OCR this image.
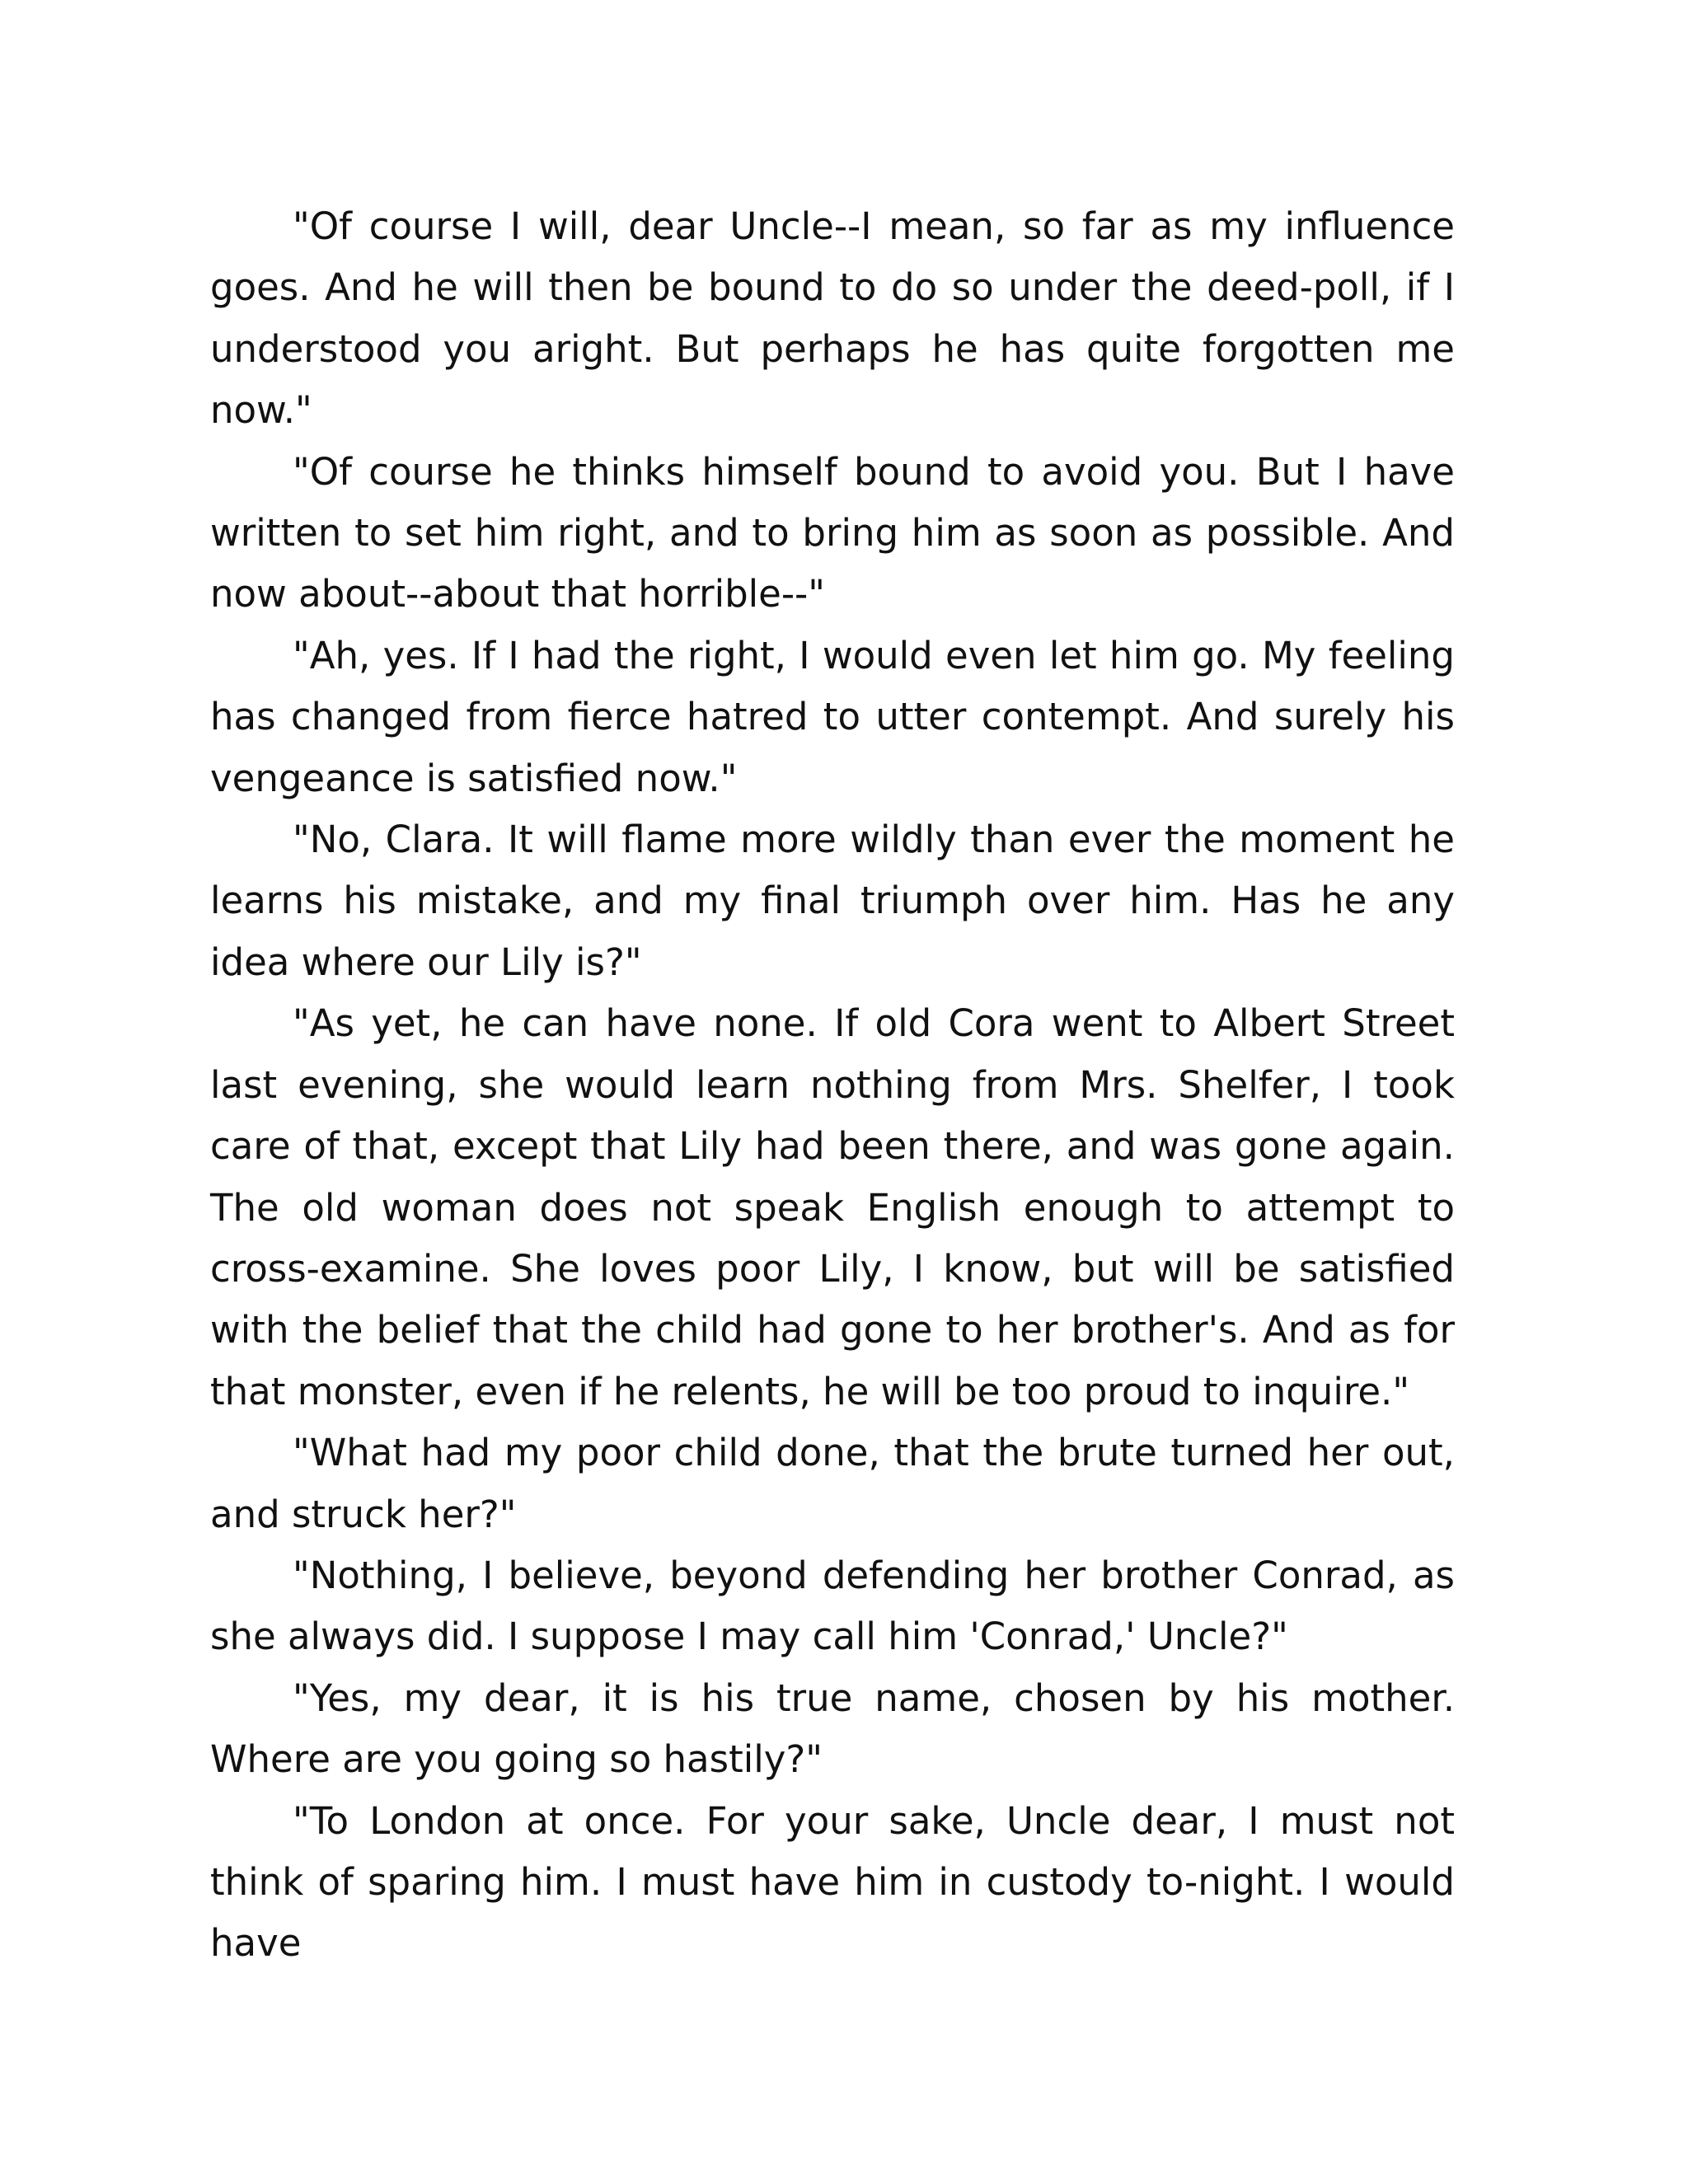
"Of course I will, dear Uncle--I mean, so far as my influence goes. And he will then be bound to do so under the deed-poll, if I understood you aright. But perhaps he has quite forgotten me now."

"Of course he thinks himself bound to avoid you. But I have written to set him right, and to bring him as soon as possible. And now about--about that horrible--"

"Ah, yes. If I had the right, I would even let him go. My feeling has changed from fierce hatred to utter contempt. And surely his vengeance is satisfied now."

"No, Clara. It will flame more wildly than ever the moment he learns his mistake, and my final triumph over him. Has he any idea where our Lily is?"

"As yet, he can have none. If old Cora went to Albert Street last evening, she would learn nothing from Mrs. Shelfer, I took care of that, except that Lily had been there, and was gone again. The old woman does not speak English enough to attempt to cross-examine. She loves poor Lily, I know, but will be satisfied with the belief that the child had gone to her brother's. And as for that monster, even if he relents, he will be too proud to inquire."

"What had my poor child done, that the brute turned her out, and struck her?"

"Nothing, I believe, beyond defending her brother Conrad, as she always did. I suppose I may call him 'Conrad,' Uncle?"

"Yes, my dear, it is his true name, chosen by his mother. Where are you going so hastily?"

"To London at once. For your sake, Uncle dear, I must not think of sparing him. I must have him in custody to-night. I would have
